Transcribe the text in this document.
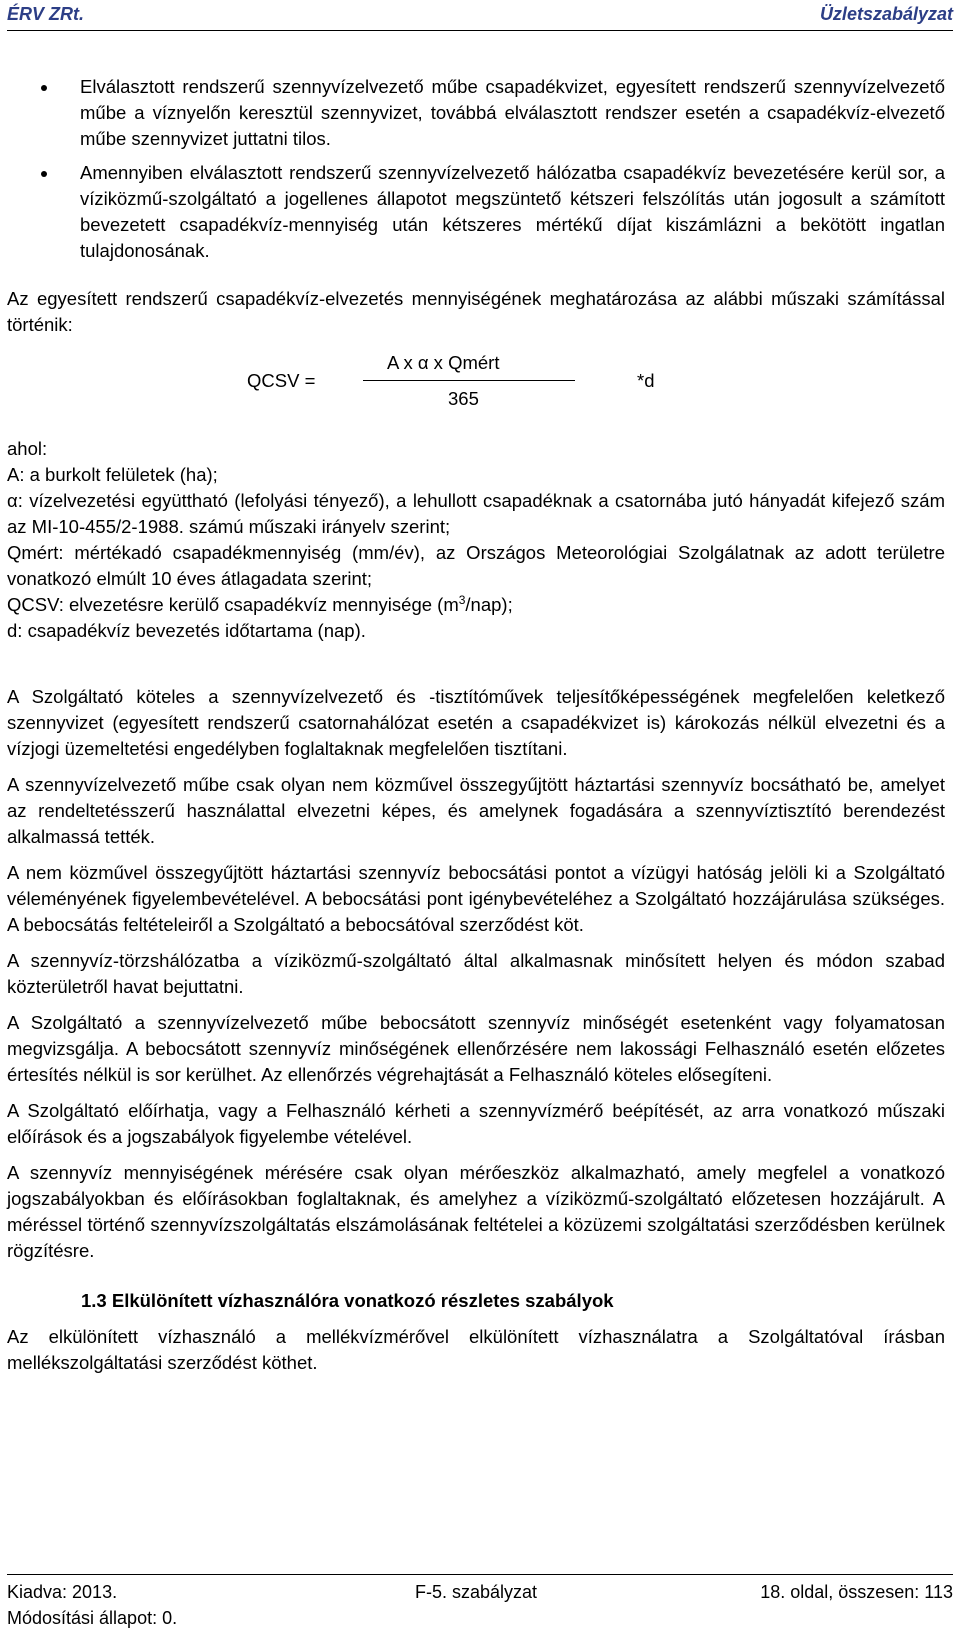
ÉRV ZRt.	Üzletszabályzat
Elválasztott rendszerű szennyvízelvezető műbe csapadékvizet, egyesített rendszerű szennyvízelvezető műbe a víznyelőn keresztül szennyvizet, továbbá elválasztott rendszer esetén a csapadékvíz-elvezető műbe szennyvizet juttatni tilos.
Amennyiben elválasztott rendszerű szennyvízelvezető hálózatba csapadékvíz bevezetésére kerül sor, a víziközmű-szolgáltató a jogellenes állapotot megszüntető kétszeri felszólítás után jogosult a számított bevezetett csapadékvíz-mennyiség után kétszeres mértékű díjat kiszámlázni a bekötött ingatlan tulajdonosának.

Az egyesített rendszerű csapadékvíz-elvezetés mennyiségének meghatározása az alábbi műszaki számítással történik:

QCSV =
A x α x Qmért
365
*d
ahol:
A: a burkolt felületek (ha);
α: vízelvezetési együttható (lefolyási tényező), a lehullott csapadéknak a csatornába jutó hányadát kifejező szám az MI-10-455/2-1988. számú műszaki irányelv szerint;
Qmért: mértékadó csapadékmennyiség (mm/év), az Országos Meteorológiai Szolgálatnak az adott területre vonatkozó elmúlt 10 éves átlagadata szerint;
QCSV: elvezetésre kerülő csapadékvíz mennyisége $(m^3/nap)$;
d: csapadékvíz bevezetés időtartama (nap).

A Szolgáltató köteles a szennyvízelvezető és -tisztítóművek teljesítőképességének megfelelően keletkező szennyvizet (egyesített rendszerű csatornahálózat esetén a csapadékvizet is) károkozás nélkül elvezetni és a vízjogi üzemeltetési engedélyben foglaltaknak megfelelően tisztítani.

A szennyvízelvezető műbe csak olyan nem közművel összegyűjtött háztartási szennyvíz bocsátható be, amelyet az rendeltetésszerű használattal elvezetni képes, és amelynek fogadására a szennyvíztisztító berendezést alkalmassá tették.

A nem közművel összegyűjtött háztartási szennyvíz bebocsátási pontot a vízügyi hatóság jelöli ki a Szolgáltató véleményének figyelembevételével. A bebocsátási pont igénybevételéhez a Szolgáltató hozzájárulása szükséges. A bebocsátás feltételeiről a Szolgáltató a bebocsátóval szerződést köt.

A szennyvíz-törzshálózatba a víziközmű-szolgáltató által alkalmasnak minősített helyen és módon szabad közterületről havat bejuttatni.

A Szolgáltató a szennyvízelvezető műbe bebocsátott szennyvíz minőségét esetenként vagy folyamatosan megvizsgálja. A bebocsátott szennyvíz minőségének ellenőrzésére nem lakossági Felhasználó esetén előzetes értesítés nélkül is sor kerülhet. Az ellenőrzés végrehajtását a Felhasználó köteles elősegíteni.

A Szolgáltató előírhatja, vagy a Felhasználó kérheti a szennyvízmérő beépítését, az arra vonatkozó műszaki előírások és a jogszabályok figyelembe vételével.

A szennyvíz mennyiségének mérésére csak olyan mérőeszköz alkalmazható, amely megfelel a vonatkozó jogszabályokban és előírásokban foglaltaknak, és amelyhez a víziközmű-szolgáltató előzetesen hozzájárult. A méréssel történő szennyvízszolgáltatás elszámolásának feltételei a közüzemi szolgáltatási szerződésben kerülnek rögzítésre.

1.3 Elkülönített vízhasználóra vonatkozó részletes szabályok

Az elkülönített vízhasználó a mellékvízmérővel elkülönített vízhasználatra a Szolgáltatóval írásban mellékszolgáltatási szerződést köthet.

Kiadva: 2013.	F-5. szabályzat	18. oldal, összesen: 113
Módosítási állapot: 0.
